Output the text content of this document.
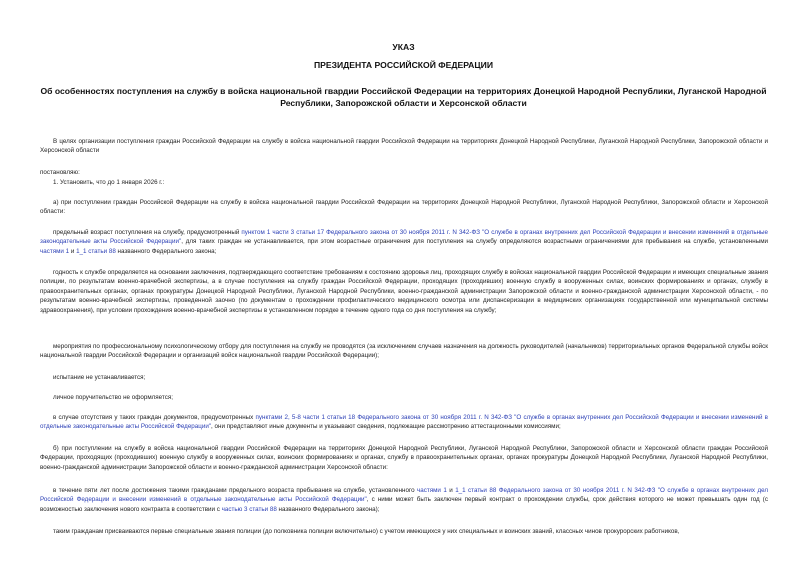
УКАЗ
ПРЕЗИДЕНТА РОССИЙСКОЙ ФЕДЕРАЦИИ
Об особенностях поступления на службу в войска национальной гвардии Российской Федерации на территориях Донецкой Народной Республики, Луганской Народной Республики, Запорожской области и Херсонской области
В целях организации поступления граждан Российской Федерации на службу в войска национальной гвардии Российской Федерации на территориях Донецкой Народной Республики, Луганской Народной Республики, Запорожской области и Херсонской области
постановляю:
1. Установить, что до 1 января 2026 г.:
а) при поступлении граждан Российской Федерации на службу в войска национальной гвардии Российской Федерации на территориях Донецкой Народной Республики, Луганской Народной Республики, Запорожской области и Херсонской области:
предельный возраст поступления на службу, предусмотренный пунктом 1 части 3 статьи 17 Федерального закона от 30 ноября 2011 г. N 342-ФЗ "О службе в органах внутренних дел Российской Федерации и внесении изменений в отдельные законодательные акты Российской Федерации", для таких граждан не устанавливается, при этом возрастные ограничения для поступления на службу определяются возрастными ограничениями для пребывания на службе, установленными частями 1 и 1_1 статьи 88 названного Федерального закона;
годность к службе определяется на основании заключения, подтверждающего соответствие требованиям к состоянию здоровья лиц, проходящих службу в войсках национальной гвардии Российской Федерации и имеющих специальные звания полиции, по результатам военно-врачебной экспертизы, а в случае поступления на службу граждан Российской Федерации, проходящих (проходивших) военную службу в вооруженных силах, воинских формированиях и органах, службу в правоохранительных органах, органах прокуратуры Донецкой Народной Республики, Луганской Народной Республики, военно-гражданской администрации Запорожской области и военно-гражданской администрации Херсонской области, - по результатам военно-врачебной экспертизы, проведенной заочно (по документам о прохождении профилактического медицинского осмотра или диспансеризации в медицинских организациях государственной или муниципальной системы здравоохранения), при условии прохождения военно-врачебной экспертизы в установленном порядке в течение одного года со дня поступления на службу;
мероприятия по профессиональному психологическому отбору для поступления на службу не проводятся (за исключением случаев назначения на должность руководителей (начальников) территориальных органов Федеральной службы войск национальной гвардии Российской Федерации и организаций войск национальной гвардии Российской Федерации);
испытание не устанавливается;
личное поручительство не оформляется;
в случае отсутствия у таких граждан документов, предусмотренных пунктами 2, 5-8 части 1 статьи 18 Федерального закона от 30 ноября 2011 г. N 342-ФЗ "О службе в органах внутренних дел Российской Федерации и внесении изменений в отдельные законодательные акты Российской Федерации", они представляют иные документы и указывают сведения, подлежащие рассмотрению аттестационными комиссиями;
б) при поступлении на службу в войска национальной гвардии Российской Федерации на территориях Донецкой Народной Республики, Луганской Народной Республики, Запорожской области и Херсонской области граждан Российской Федерации, проходящих (проходивших) военную службу в вооруженных силах, воинских формированиях и органах, службу в правоохранительных органах, органах прокуратуры Донецкой Народной Республики, Луганской Народной Республики, военно-гражданской администрации Запорожской области и военно-гражданской администрации Херсонской области:
в течение пяти лет после достижения такими гражданами предельного возраста пребывания на службе, установленного частями 1 и 1_1 статьи 88 Федерального закона от 30 ноября 2011 г. N 342-ФЗ "О службе в органах внутренних дел Российской Федерации и внесении изменений в отдельные законодательные акты Российской Федерации", с ними может быть заключен первый контракт о прохождении службы, срок действия которого не может превышать один год (с возможностью заключения нового контракта в соответствии с частью 3 статьи 88 названного Федерального закона);
таким гражданам присваиваются первые специальные звания полиции (до полковника полиции включительно) с учетом имеющихся у них специальных и воинских званий, классных чинов прокурорских работников,
